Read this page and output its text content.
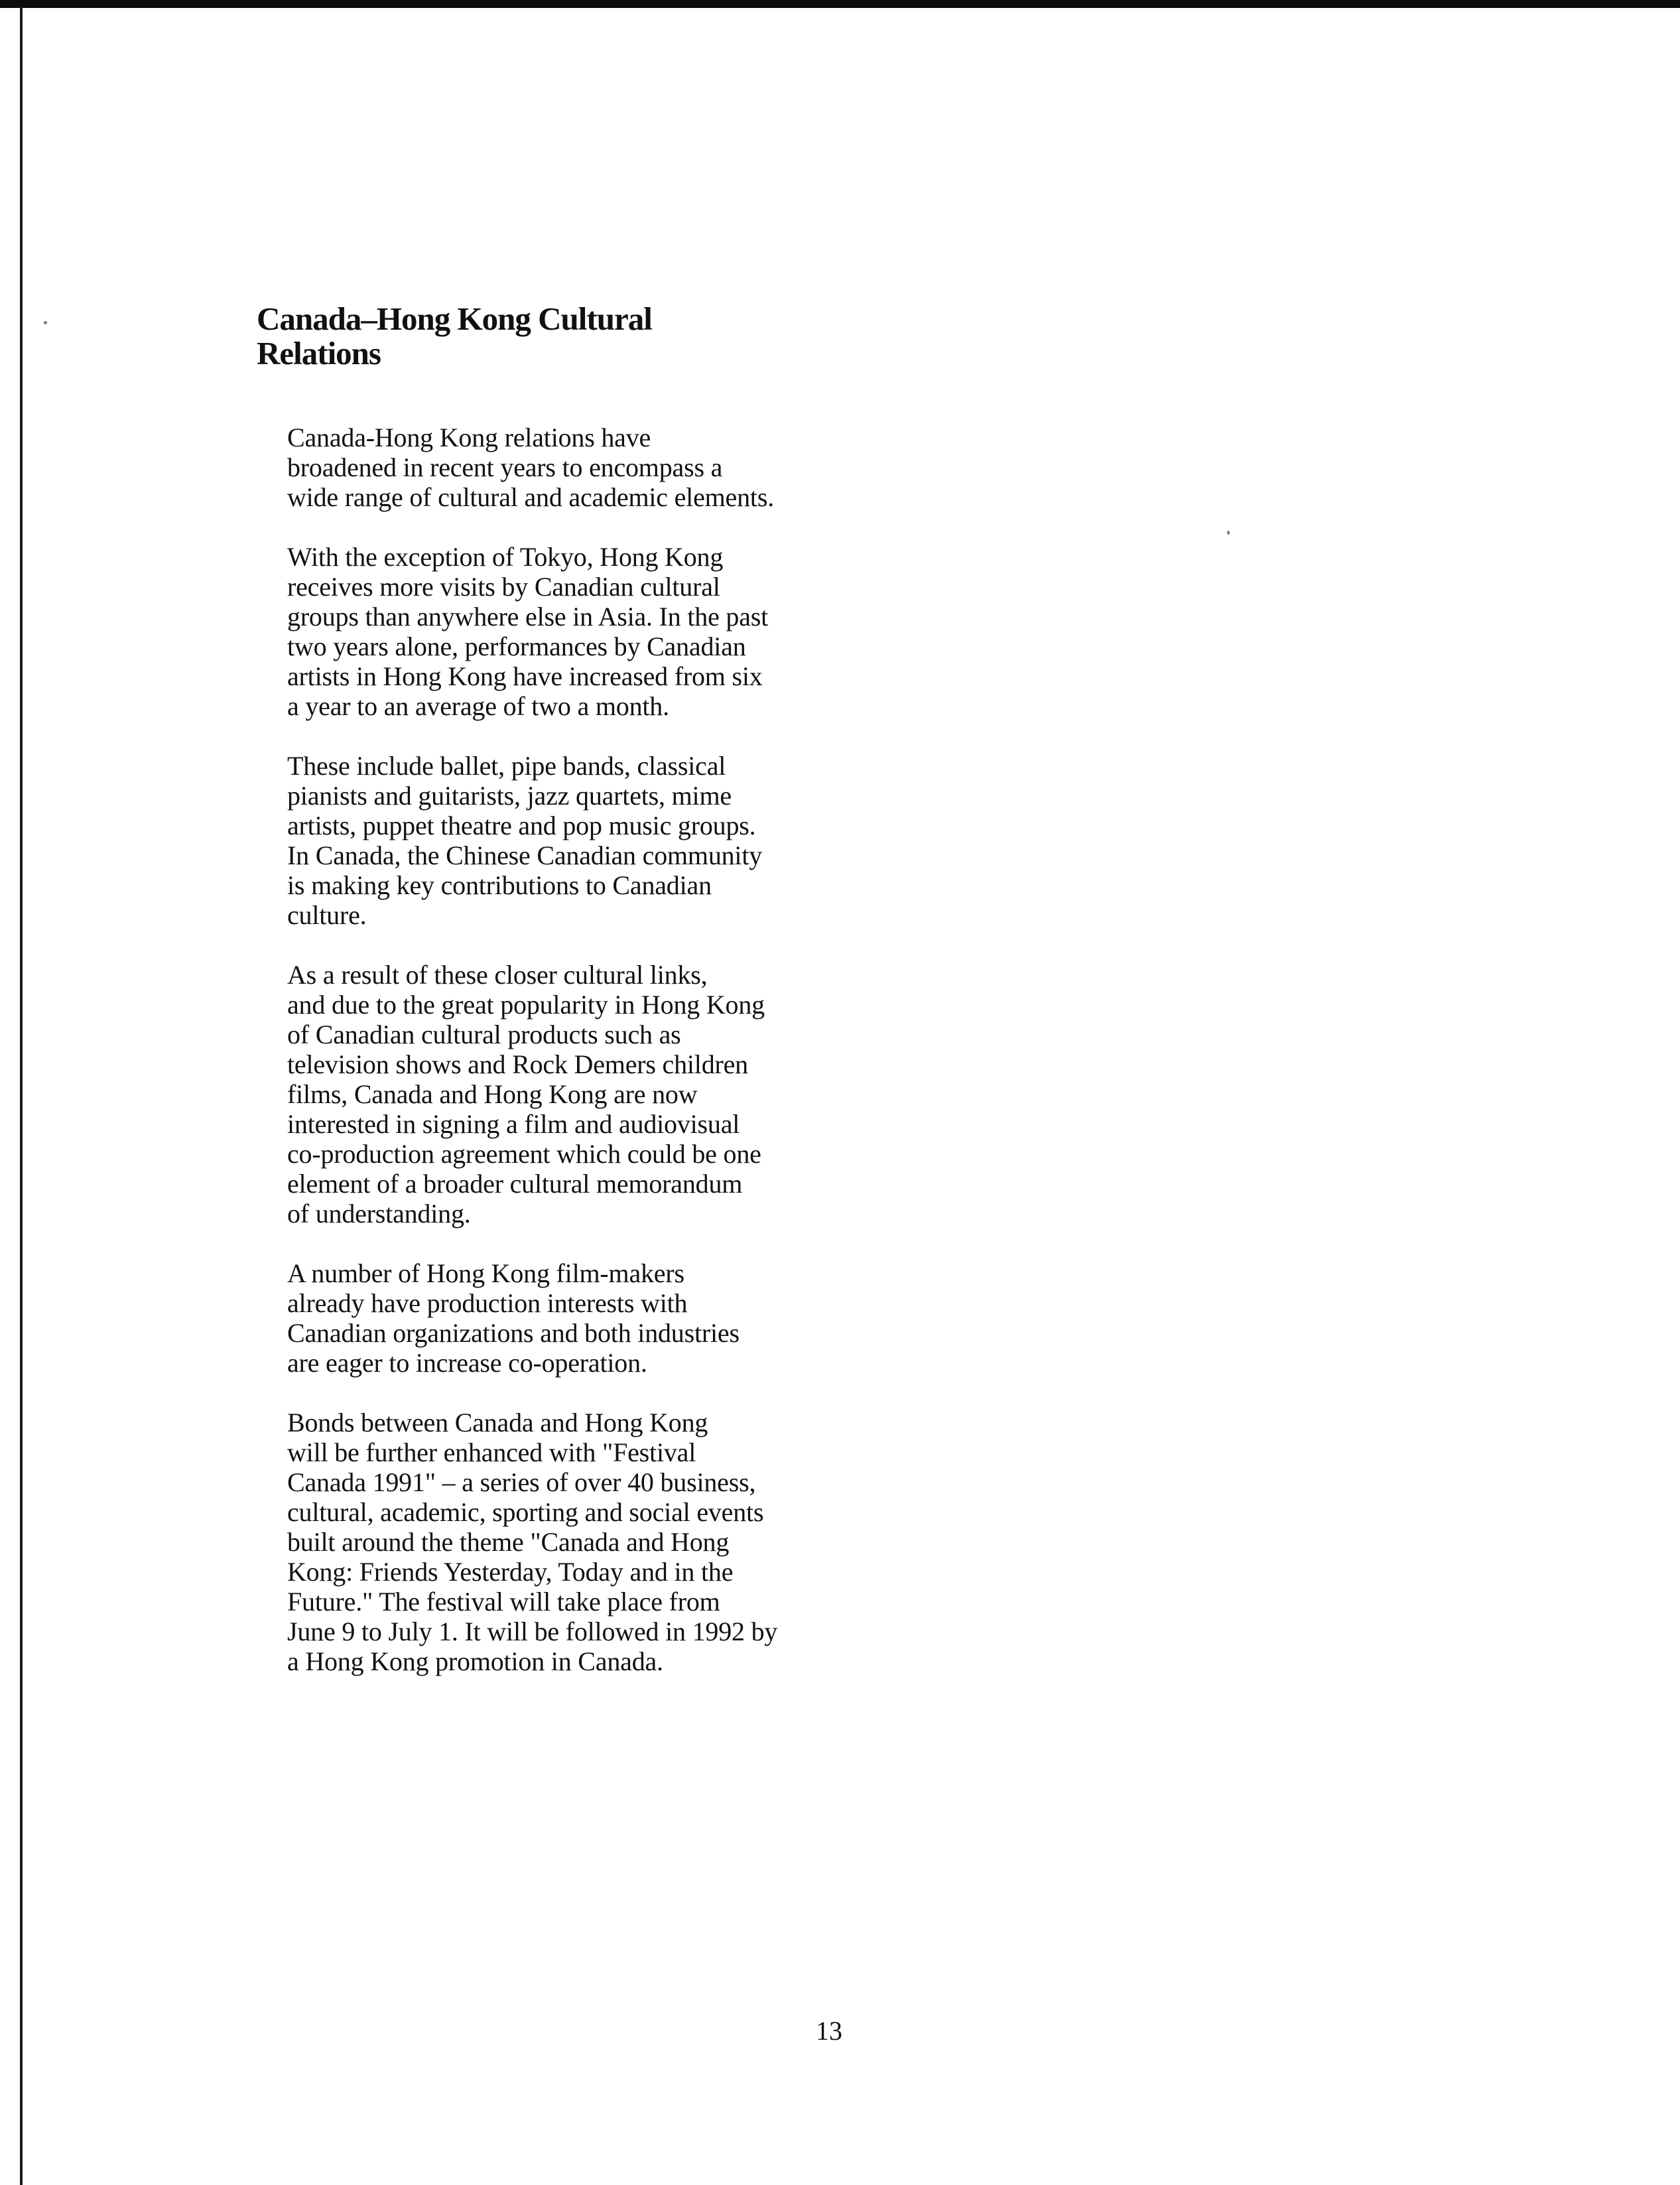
Canada–Hong Kong Cultural
Relations

Canada-Hong Kong relations have
broadened in recent years to encompass a
wide range of cultural and academic elements.

With the exception of Tokyo, Hong Kong
receives more visits by Canadian cultural
groups than anywhere else in Asia. In the past
two years alone, performances by Canadian
artists in Hong Kong have increased from six
a year to an average of two a month.

These include ballet, pipe bands, classical
pianists and guitarists, jazz quartets, mime
artists, puppet theatre and pop music groups.
In Canada, the Chinese Canadian community
is making key contributions to Canadian
culture.

As a result of these closer cultural links,
and due to the great popularity in Hong Kong
of Canadian cultural products such as
television shows and Rock Demers children
films, Canada and Hong Kong are now
interested in signing a film and audiovisual
co-production agreement which could be one
element of a broader cultural memorandum
of understanding.

A number of Hong Kong film-makers
already have production interests with
Canadian organizations and both industries
are eager to increase co-operation.

Bonds between Canada and Hong Kong
will be further enhanced with "Festival
Canada 1991" – a series of over 40 business,
cultural, academic, sporting and social events
built around the theme "Canada and Hong
Kong: Friends Yesterday, Today and in the
Future." The festival will take place from
June 9 to July 1. It will be followed in 1992 by
a Hong Kong promotion in Canada.

13
